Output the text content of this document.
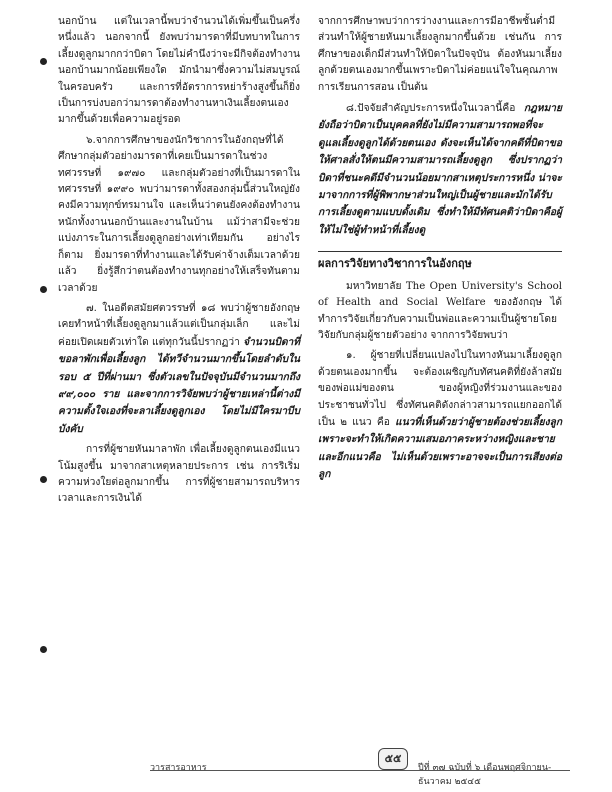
นอกบ้าน แต่ในเวลานี้พบว่าจำนวนได้เพิ่มขึ้นเป็นครึ่งหนึ่งแล้ว นอกจากนี้ ยังพบว่ามารดาที่มีบทบาทในการเลี้ยงดูลูกมากกว่าบิดา โดยไม่คำนึงว่าจะมีกิจต้องทำงานนอกบ้านมากน้อยเพียงใด มักนำมาซึ่งความไม่สมบูรณ์ในครอบครัว และการที่อัตราการหย่าร้างสูงขึ้นก็ยิ่งเป็นการบ่งบอกว่ามารดาต้องทำงานหาเงินเลี้ยงตนเองมากขึ้นด้วยเพื่อความอยู่รอด

๖.จากการศึกษาของนักวิชาการในอังกฤษที่ได้ศึกษากลุ่มตัวอย่างมารดาที่เคยเป็นมารดาในช่วงทศวรรษที่ ๑๙๗๐ และกลุ่มตัวอย่างที่เป็นมารดาในทศวรรษที่ ๑๙๙๐ พบว่ามารดาทั้งสองกลุ่มนี้ส่วนใหญ่ยังคงมีความทุกข์ทรมานใจ และเห็นว่าตนยังคงต้องทำงานหนักทั้งงานนอกบ้านและงานในบ้าน แม้ว่าสามีจะช่วยแบ่งภาระในการเลี้ยงดูลูกอย่างเท่าเทียมกัน อย่างไรก็ตาม ยิ่งมารดาที่ทำงานและได้รับค่าจ้างเต็มเวลาด้วยแล้ว ยิ่งรู้สึกว่าตนต้องทำงานทุกอย่างให้เสร็จทันตามเวลาด้วย

๗. ในอดีตสมัยศตวรรษที่ ๑๘ พบว่าผู้ชายอังกฤษเคยทำหน้าที่เลี้ยงดูลูกมาแล้วแต่เป็นกลุ่มเล็ก และไม่ค่อยเปิดเผยตัวเท่าใด แต่ทุกวันนี้ปรากฏว่า จำนวนบิดาที่ขอลาพักเพื่อเลี้ยงลูก ได้ทวีจำนวนมากขึ้นโดยลำดับในรอบ ๕ ปีที่ผ่านมา ซึ่งตัวเลขในปัจจุบันมีจำนวนมากถึง ๙๙,๐๐๐ ราย และจากการวิจัยพบว่าผู้ชายเหล่านี้ต่างมีความตั้งใจเองที่จะลาเลี้ยงดูลูกเอง โดยไม่มีใครมาบีบบังคับ

การที่ผู้ชายหันมาลาพัก เพื่อเลี้ยงดูลูกตนเองมีแนวโน้มสูงขึ้น มาจากสาเหตุหลายประการ เช่น การริเริ่มความห่วงใยต่อลูกมากขึ้น การที่ผู้ชายสามารถบริหารเวลาและการเงินได้

จากการศึกษาพบว่าการว่างงานและการมีอาชีพชั้นต่ำมีส่วนทำให้ผู้ชายหันมาเลี้ยงลูกมากขึ้นด้วย เช่นกัน การศึกษาของเด็กมีส่วนทำให้บิดาในปัจจุบัน ต้องหันมาเลี้ยงลูกด้วยตนเองมากขึ้นเพราะบิดาไม่ค่อยแน่ใจในคุณภาพการเรียนการสอน เป็นต้น

๘.ปัจจัยสำคัญประการหนึ่งในเวลานี้คือ กฎหมายยังถือว่าบิดาเป็นบุคคลที่ยังไม่มีความสามารถพอที่จะดูแลเลี้ยงดูลูกได้ด้วยตนเอง ดังจะเห็นได้จากคดีที่บิดาขอให้ศาลสั่งให้ตนมีความสามารถเลี้ยงดูลูก ซึ่งปรากฏว่าบิดาที่ชนะคดีมีจำนวนน้อยมากสาเหตุประการหนึ่ง น่าจะมาจากการที่ผู้พิพากษาส่วนใหญ่เป็นผู้ชายและมักได้รับการเลี้ยงดูตามแบบดั้งเดิม ซึ่งทำให้มีทัศนคติว่าบิดาคือผู้ให้ไม่ใช่ผู้ทำหน้าที่เลี้ยงดู

ผลการวิจัยทางวิชาการในอังกฤษ

มหาวิทยาลัย The Open University's School of Health and Social Welfare ของอังกฤษ ได้ทำการวิจัยเกี่ยวกับความเป็นพ่อและความเป็นผู้ชายโดยวิจัยกับกลุ่มผู้ชายตัวอย่าง จากการวิจัยพบว่า

๑. ผู้ชายที่เปลี่ยนแปลงไปในทางหันมาเลี้ยงดูลูกด้วยตนเองมากขึ้น จะต้องเผชิญกับทัศนคติที่ยังล้าสมัยของพ่อแม่ของตน ของผู้หญิงที่ร่วมงานและของประชาชนทั่วไป ซึ่งทัศนคติดังกล่าวสามารถแยกออกได้เป็น ๒ แนว คือ แนวที่เห็นด้วยว่าผู้ชายต้องช่วยเลี้ยงลูก เพราะจะทำให้เกิดความเสมอภาคระหว่างหญิงและชาย และอีกแนวคือ ไม่เห็นด้วยเพราะอาจจะเป็นการเสียงต่อลูก

วารสารอาหาร
๕๕
ปีที่ ๓๗ ฉบับที่ ๖ เดือนพฤศจิกายน-ธันวาคม ๒๕๔๕
